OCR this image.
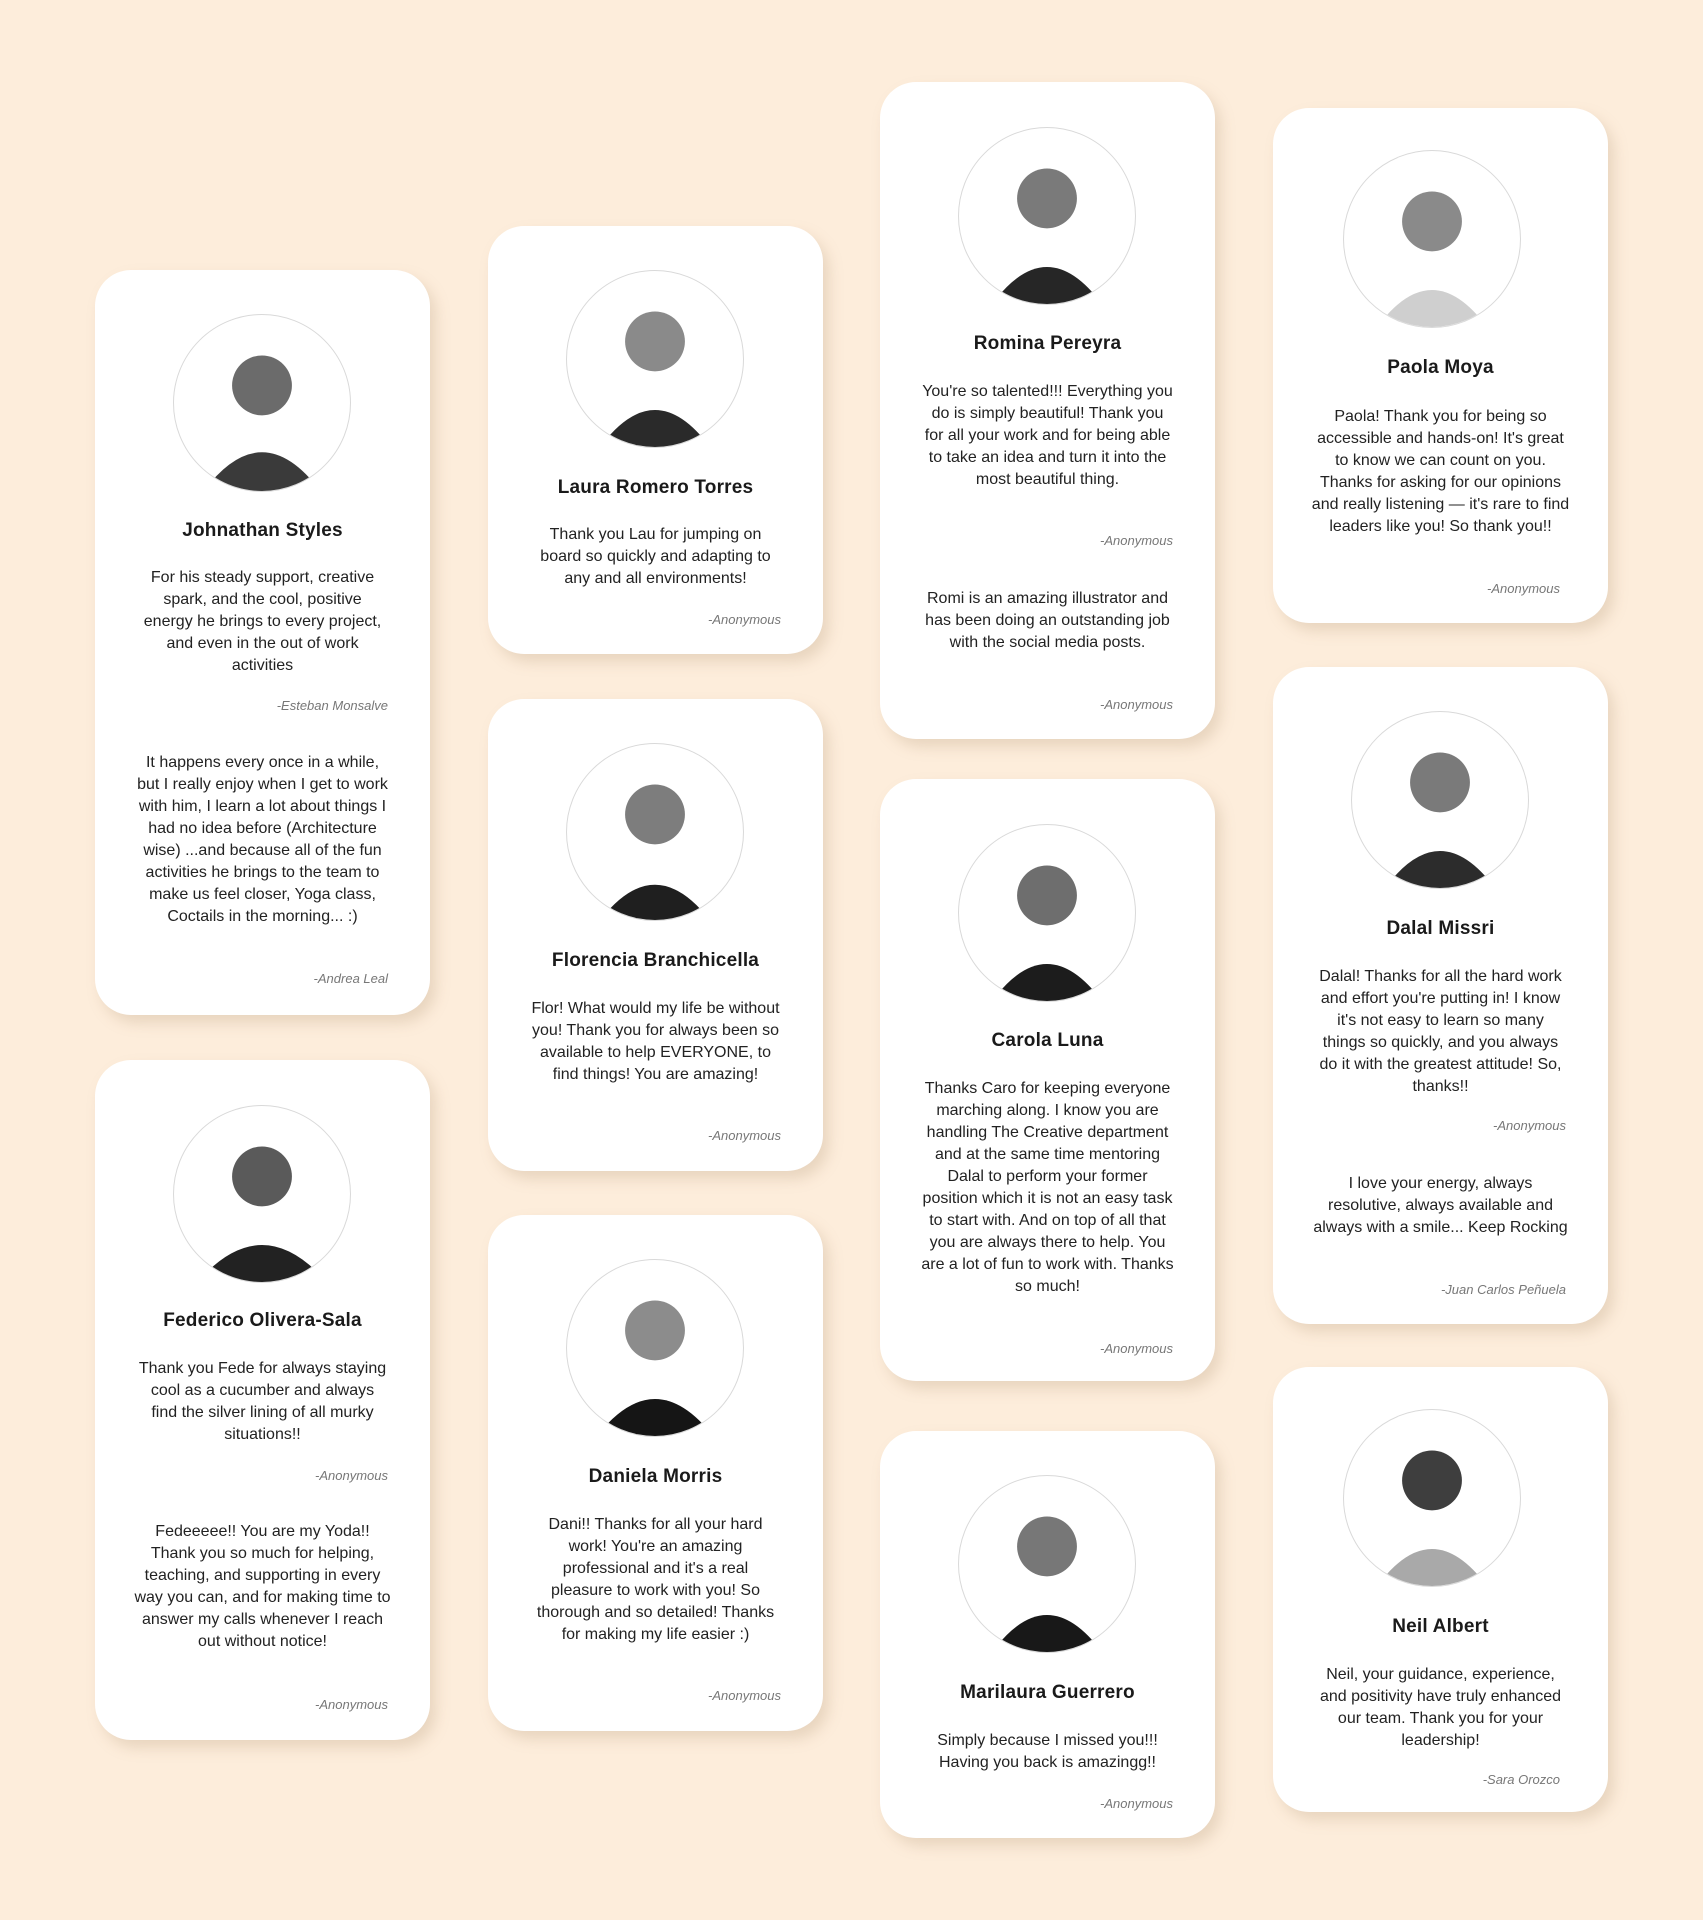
Johnathan Styles
For his steady support, creative spark, and the cool, positive energy he brings to every project, and even in the out of work activities
-Esteban Monsalve
It happens every once in a while, but I really enjoy when I get to work with him, I learn a lot about things I had no idea before (Architecture wise) ...and because all of the fun activities he brings to the team to make us feel closer, Yoga class, Coctails in the morning... :)
-Andrea Leal
Federico Olivera-Sala
Thank you Fede for always staying cool as a cucumber and always find the silver lining of all murky situations!!
-Anonymous
Fedeeeee!! You are my Yoda!! Thank you so much for helping, teaching, and supporting in every way you can, and for making time to answer my calls whenever I reach out without notice!
-Anonymous
Laura Romero Torres
Thank you Lau for jumping on board so quickly and adapting to any and all environments!
-Anonymous
Florencia Branchicella
Flor! What would my life be without you! Thank you for always been so available to help EVERYONE, to find things! You are amazing!
-Anonymous
Daniela Morris
Dani!! Thanks for all your hard work! You're an amazing professional and it's a real pleasure to work with you! So thorough and so detailed! Thanks for making my life easier :)
-Anonymous
Romina Pereyra
You're so talented!!! Everything you do is simply beautiful! Thank you for all your work and for being able to take an idea and turn it into the most beautiful thing.
-Anonymous
Romi is an amazing illustrator and has been doing an outstanding job with the social media posts.
-Anonymous
Carola Luna
Thanks Caro for keeping everyone marching along. I know you are handling The Creative department and at the same time mentoring Dalal to perform your former position which it is not an easy task to start with. And on top of all that you are always there to help. You are a lot of fun to work with. Thanks so much!
-Anonymous
Marilaura Guerrero
Simply because I missed you!!! Having you back is amazingg!!
-Anonymous
Paola Moya
Paola! Thank you for being so accessible and hands-on! It's great to know we can count on you. Thanks for asking for our opinions and really listening — it's rare to find leaders like you! So thank you!!
-Anonymous
Dalal Missri
Dalal! Thanks for all the hard work and effort you're putting in! I know it's not easy to learn so many things so quickly, and you always do it with the greatest attitude! So, thanks!!
-Anonymous
I love your energy, always resolutive, always available and always with a smile... Keep Rocking
-Juan Carlos Peñuela
Neil Albert
Neil, your guidance, experience, and positivity have truly enhanced our team. Thank you for your leadership!
-Sara Orozco
